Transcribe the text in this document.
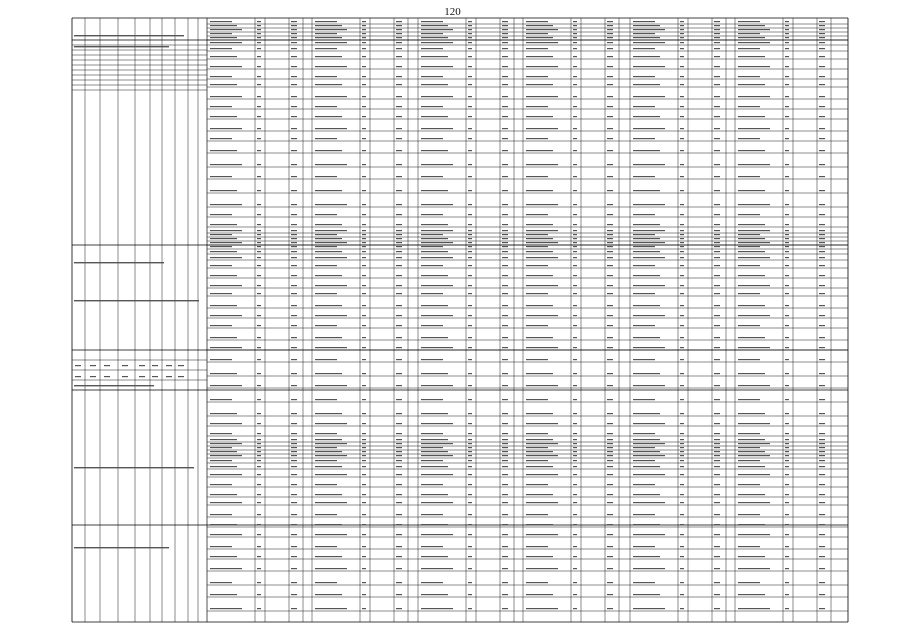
120
